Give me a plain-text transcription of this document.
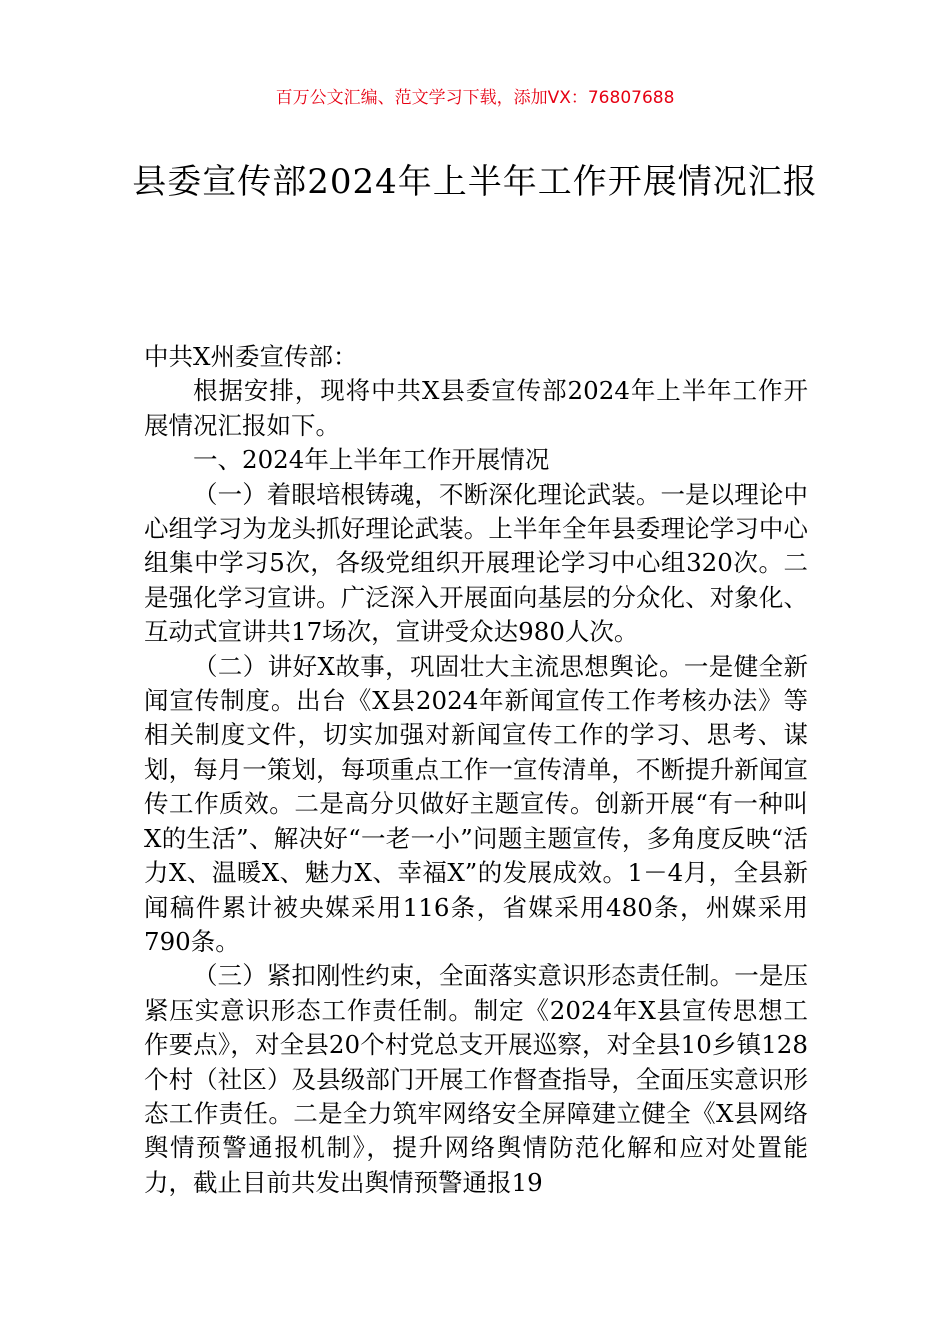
百万公文汇编、范文学习下载，添加VX：76807688
县委宣传部2024年上半年工作开展情况汇报

中共X州委宣传部：

根据安排，现将中共X县委宣传部2024年上半年工作开展情况汇报如下。

一、2024年上半年工作开展情况

（一）着眼培根铸魂，不断深化理论武装。一是以理论中心组学习为龙头抓好理论武装。上半年全年县委理论学习中心组集中学习5次，各级党组织开展理论学习中心组320次。二是强化学习宣讲。广泛深入开展面向基层的分众化、对象化、互动式宣讲共17场次，宣讲受众达980人次。

（二）讲好X故事，巩固壮大主流思想舆论。一是健全新闻宣传制度。出台《X县2024年新闻宣传工作考核办法》等相关制度文件，切实加强对新闻宣传工作的学习、思考、谋划，每月一策划，每项重点工作一宣传清单，不断提升新闻宣传工作质效。二是高分贝做好主题宣传。创新开展“有一种叫X的生活”、解决好“一老一小”问题主题宣传，多角度反映“活力X、温暖X、魅力X、幸福X”的发展成效。1－4月，全县新闻稿件累计被央媒采用116条，省媒采用480条，州媒采用790条。

（三）紧扣刚性约束，全面落实意识形态责任制。一是压紧压实意识形态工作责任制。制定《2024年X县宣传思想工作要点》，对全县20个村党总支开展巡察，对全县10乡镇128个村（社区）及县级部门开展工作督查指导，全面压实意识形态工作责任。二是全力筑牢网络安全屏障建立健全《X县网络舆情预警通报机制》，提升网络舆情防范化解和应对处置能力，截止目前共发出舆情预警通报19
